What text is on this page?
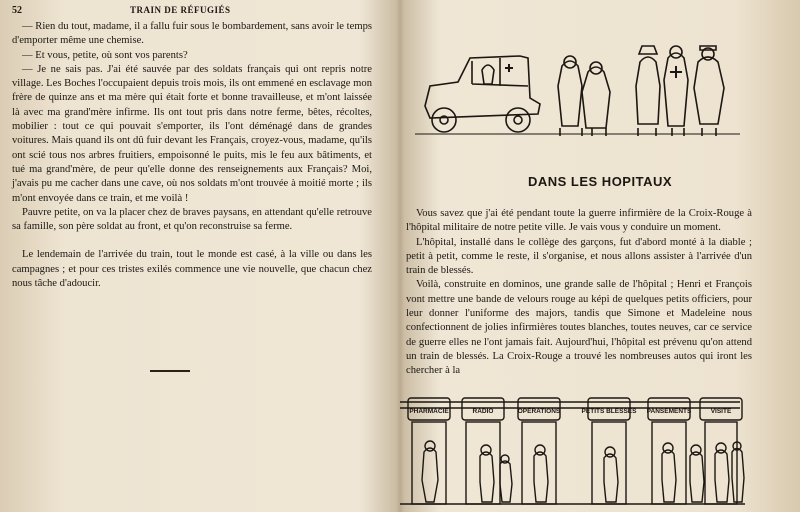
52	TRAIN DE RÉFUGIÉS

— Rien du tout, madame, il a fallu fuir sous le bombardement, sans avoir le temps d'emporter même une chemise.

— Et vous, petite, où sont vos parents?

— Je ne sais pas. J'ai été sauvée par des soldats français qui ont repris notre village. Les Boches l'occupaient depuis trois mois, ils ont emmené en esclavage mon frère de quinze ans et ma mère qui était forte et bonne travailleuse, et m'ont laissée là avec ma grand'mère infirme. Ils ont tout pris dans notre ferme, bêtes, récoltes, mobilier : tout ce qui pouvait s'emporter, ils l'ont déménagé dans de grandes voitures. Mais quand ils ont dû fuir devant les Français, croyez-vous, madame, qu'ils ont scié tous nos arbres fruitiers, empoisonné le puits, mis le feu aux bâtiments, et tué ma grand'mère, de peur qu'elle donne des renseignements aux Français? Moi, j'avais pu me cacher dans une cave, où nos soldats m'ont trouvée à moitié morte ; ils m'ont envoyée dans ce train, et me voilà !

Pauvre petite, on va la placer chez de braves paysans, en attendant qu'elle retrouve sa famille, son père soldat au front, et qu'on reconstruise sa ferme.

Le lendemain de l'arrivée du train, tout le monde est casé, à la ville ou dans les campagnes ; et pour ces tristes exilés commence une vie nouvelle, que chacun chez nous tâche d'adoucir.

DANS LES HOPITAUX

Vous savez que j'ai été pendant toute la guerre infirmière de la Croix-Rouge à l'hôpital militaire de notre petite ville. Je vais vous y conduire un moment.

L'hôpital, installé dans le collège des garçons, fut d'abord monté à la diable ; petit à petit, comme le reste, il s'organise, et nous allons assister à l'arrivée d'un train de blessés.

Voilà, construite en dominos, une grande salle de l'hôpital ; Henri et François vont mettre une bande de velours rouge au képi de quelques petits officiers, pour leur donner l'uniforme des majors, tandis que Simone et Madeleine nous confectionnent de jolies infirmières toutes blanches, toutes neuves, car ce service de guerre elles ne l'ont jamais fait. Aujourd'hui, l'hôpital est prévenu qu'on attend un train de blessés. La Croix-Rouge a trouvé les nombreuses autos qui iront les chercher à la

PHARMACIE	RADIO	OPÉRATIONS	PETITS BLESSÉS PANSEMENTS	VISITE
